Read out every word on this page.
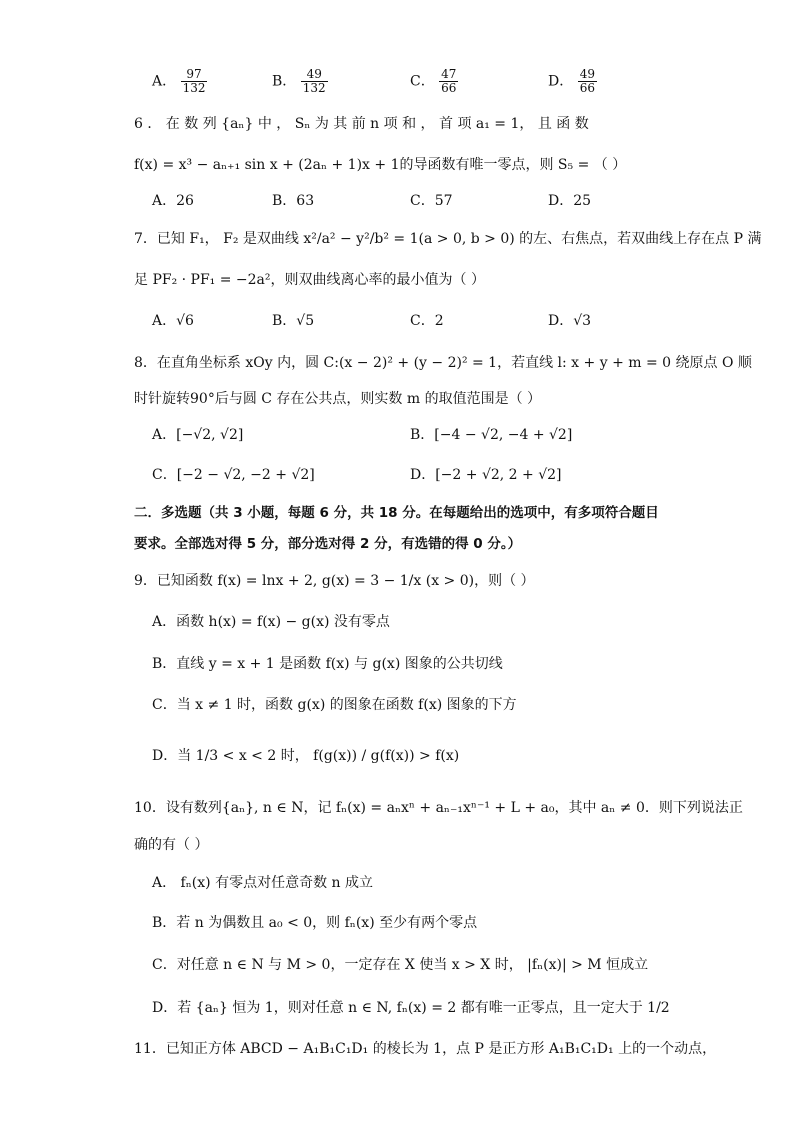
A． $\frac{97}{132}$	B． $\frac{49}{132}$	C． $\frac{47}{66}$	D． $\frac{49}{66}$
6 ． 在 数 列 {aₙ} 中 ， Sₙ 为 其 前 n 项 和 ， 首 项 a₁ = 1， 且 函 数
f(x) = x³ − aₙ₊₁ sin x + (2aₙ + 1)x + 1的导函数有唯一零点，则 S₅ = （ ）
A．26	B．63	C．57	D．25
7．已知 F₁， F₂ 是双曲线 x²/a² − y²/b² = 1(a > 0, b > 0) 的左、右焦点，若双曲线上存在点 P 满
足 PF₂ · PF₁ = −2a²，则双曲线离心率的最小值为（ ）
A．√6	B．√5	C．2	D．√3
8．在直角坐标系 xOy 内，圆 C:(x − 2)² + (y − 2)² = 1，若直线 l: x + y + m = 0 绕原点 O 顺
时针旋转90°后与圆 C 存在公共点，则实数 m 的取值范围是（ ）
A．[−√2, √2]	B．[−4 − √2, −4 + √2]
C．[−2 − √2, −2 + √2]	D．[−2 + √2, 2 + √2]
二．多选题（共 3 小题，每题 6 分，共 18 分。在每题给出的选项中，有多项符合题目
要求。全部选对得 5 分，部分选对得 2 分，有选错的得 0 分。）
9．已知函数 f(x) = lnx + 2, g(x) = 3 − 1/x (x > 0)，则（ ）
A．函数 h(x) = f(x) − g(x) 没有零点
B．直线 y = x + 1 是函数 f(x) 与 g(x) 图象的公共切线
C．当 x ≠ 1 时，函数 g(x) 的图象在函数 f(x) 图象的下方
D．当 1/3 < x < 2 时， f(g(x)) / g(f(x)) > f(x)
10．设有数列{aₙ}, n ∈ N，记 fₙ(x) = aₙxⁿ + aₙ₋₁xⁿ⁻¹ + L + a₀，其中 aₙ ≠ 0．则下列说法正
确的有（ ）
A． fₙ(x) 有零点对任意奇数 n 成立
B．若 n 为偶数且 a₀ < 0，则 fₙ(x) 至少有两个零点
C．对任意 n ∈ N 与 M > 0，一定存在 X 使当 x > X 时， |fₙ(x)| > M 恒成立
D．若 {aₙ} 恒为 1，则对任意 n ∈ N, fₙ(x) = 2 都有唯一正零点，且一定大于 1/2
11．已知正方体 ABCD − A₁B₁C₁D₁ 的棱长为 1，点 P 是正方形 A₁B₁C₁D₁ 上的一个动点，
